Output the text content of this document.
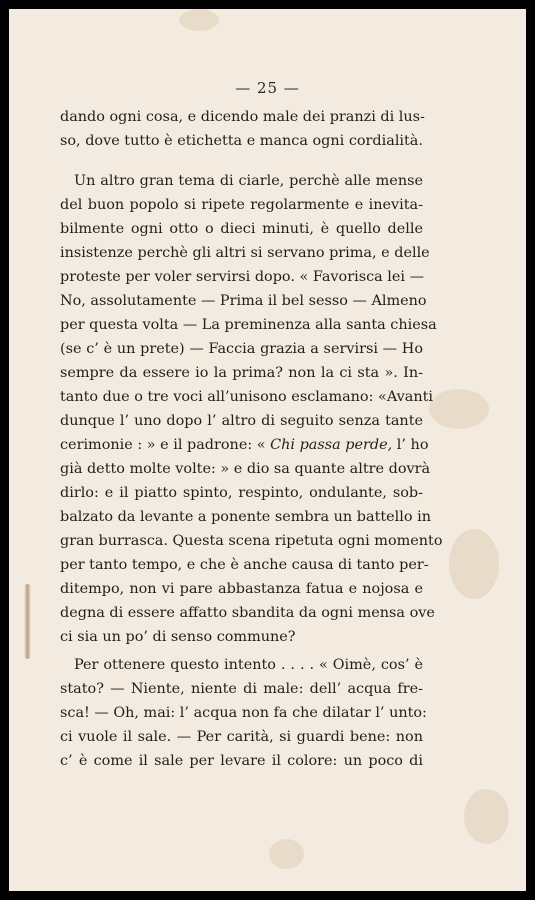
— 25 —
dando ogni cosa, e dicendo male dei pranzi di lus-
so, dove tutto è etichetta e manca ogni cordialità.
Un altro gran tema di ciarle, perchè alle mense
del buon popolo si ripete regolarmente e inevita-
bilmente ogni otto o dieci minuti, è quello delle
insistenze perchè gli altri si servano prima, e delle
proteste per voler servirsi dopo. « Favorisca lei —
No, assolutamente — Prima il bel sesso — Almeno
per questa volta — La preminenza alla santa chiesa
(se c’ è un prete) — Faccia grazia a servirsi — Ho
sempre da essere io la prima? non la ci sta ». In-
tanto due o tre voci all’unisono esclamano: «Avanti
dunque l’ uno dopo l’ altro di seguito senza tante
cerimonie : » e il padrone: « Chi passa perde, l’ ho
già detto molte volte: » e dio sa quante altre dovrà
dirlo: e il piatto spinto, respinto, ondulante, sob-
balzato da levante a ponente sembra un battello in
gran burrasca. Questa scena ripetuta ogni momento
per tanto tempo, e che è anche causa di tanto per-
ditempo, non vi pare abbastanza fatua e nojosa e
degna di essere affatto sbandita da ogni mensa ove
ci sia un po’ di senso commune?
Per ottenere questo intento . . . . « Oimè, cos’ è
stato? — Niente, niente di male: dell’ acqua fre-
sca! — Oh, mai: l’ acqua non fa che dilatar l’ unto:
ci vuole il sale. — Per carità, si guardi bene: non
c’ è come il sale per levare il colore: un poco di
